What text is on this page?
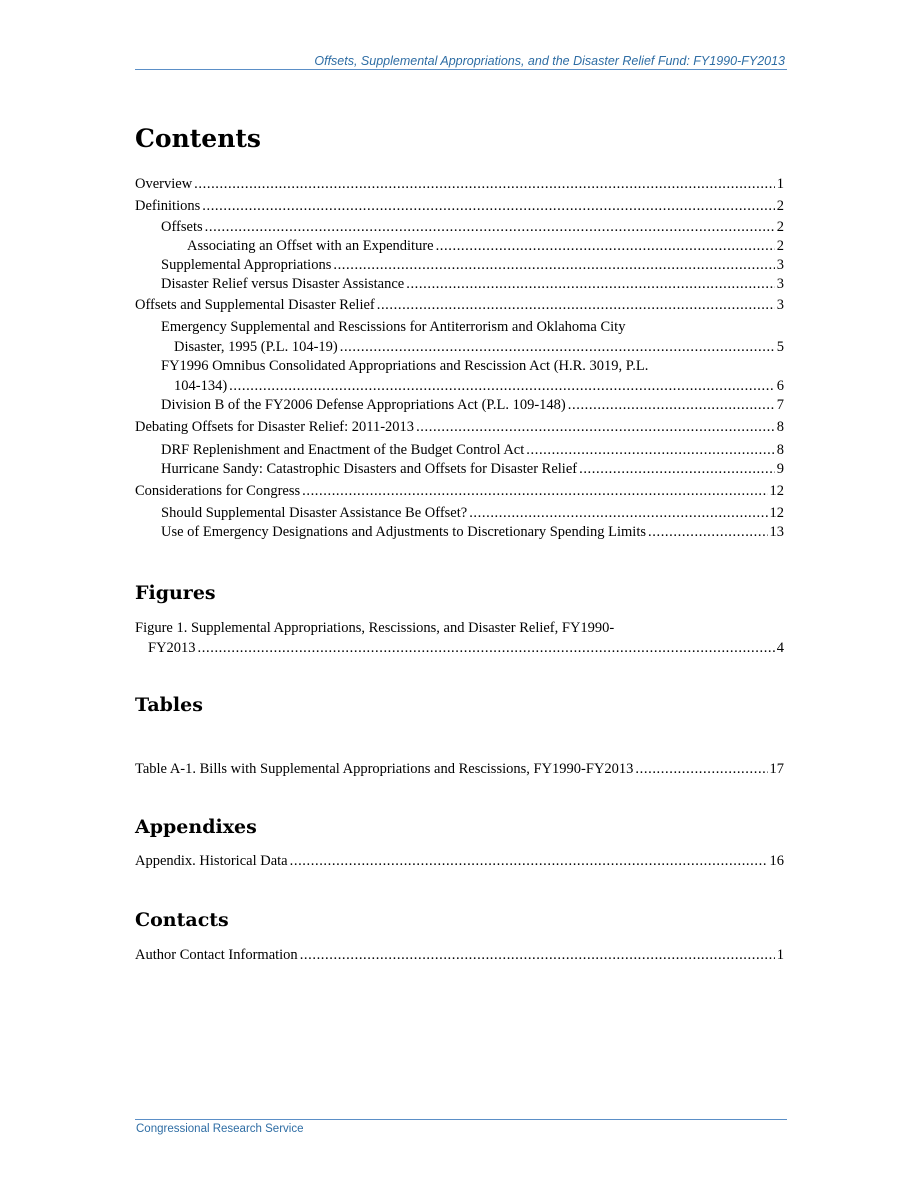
Offsets, Supplemental Appropriations, and the Disaster Relief Fund: FY1990-FY2013
Contents
Overview .....	1
Definitions .....	2
Offsets .....	2
Associating an Offset with an Expenditure .....	2
Supplemental Appropriations .....	3
Disaster Relief versus Disaster Assistance .....	3
Offsets and Supplemental Disaster Relief .....	3
Emergency Supplemental and Rescissions for Antiterrorism and Oklahoma City
Disaster, 1995 (P.L. 104-19) .....	5
FY1996 Omnibus Consolidated Appropriations and Rescission Act (H.R. 3019, P.L.
104-134) .....	6
Division B of the FY2006 Defense Appropriations Act (P.L. 109-148) .....	7
Debating Offsets for Disaster Relief: 2011-2013 .....	8
DRF Replenishment and Enactment of the Budget Control Act .....	8
Hurricane Sandy: Catastrophic Disasters and Offsets for Disaster Relief .....	9
Considerations for Congress .....	12
Should Supplemental Disaster Assistance Be Offset? .....	12
Use of Emergency Designations and Adjustments to Discretionary Spending Limits .....	13
Figures
Figure 1. Supplemental Appropriations, Rescissions, and Disaster Relief, FY1990-
FY2013 .....	4
Tables
Table A-1. Bills with Supplemental Appropriations and Rescissions, FY1990-FY2013 .....	17
Appendixes
Appendix. Historical Data .....	16
Contacts
Author Contact Information .....	1
Congressional Research Service
